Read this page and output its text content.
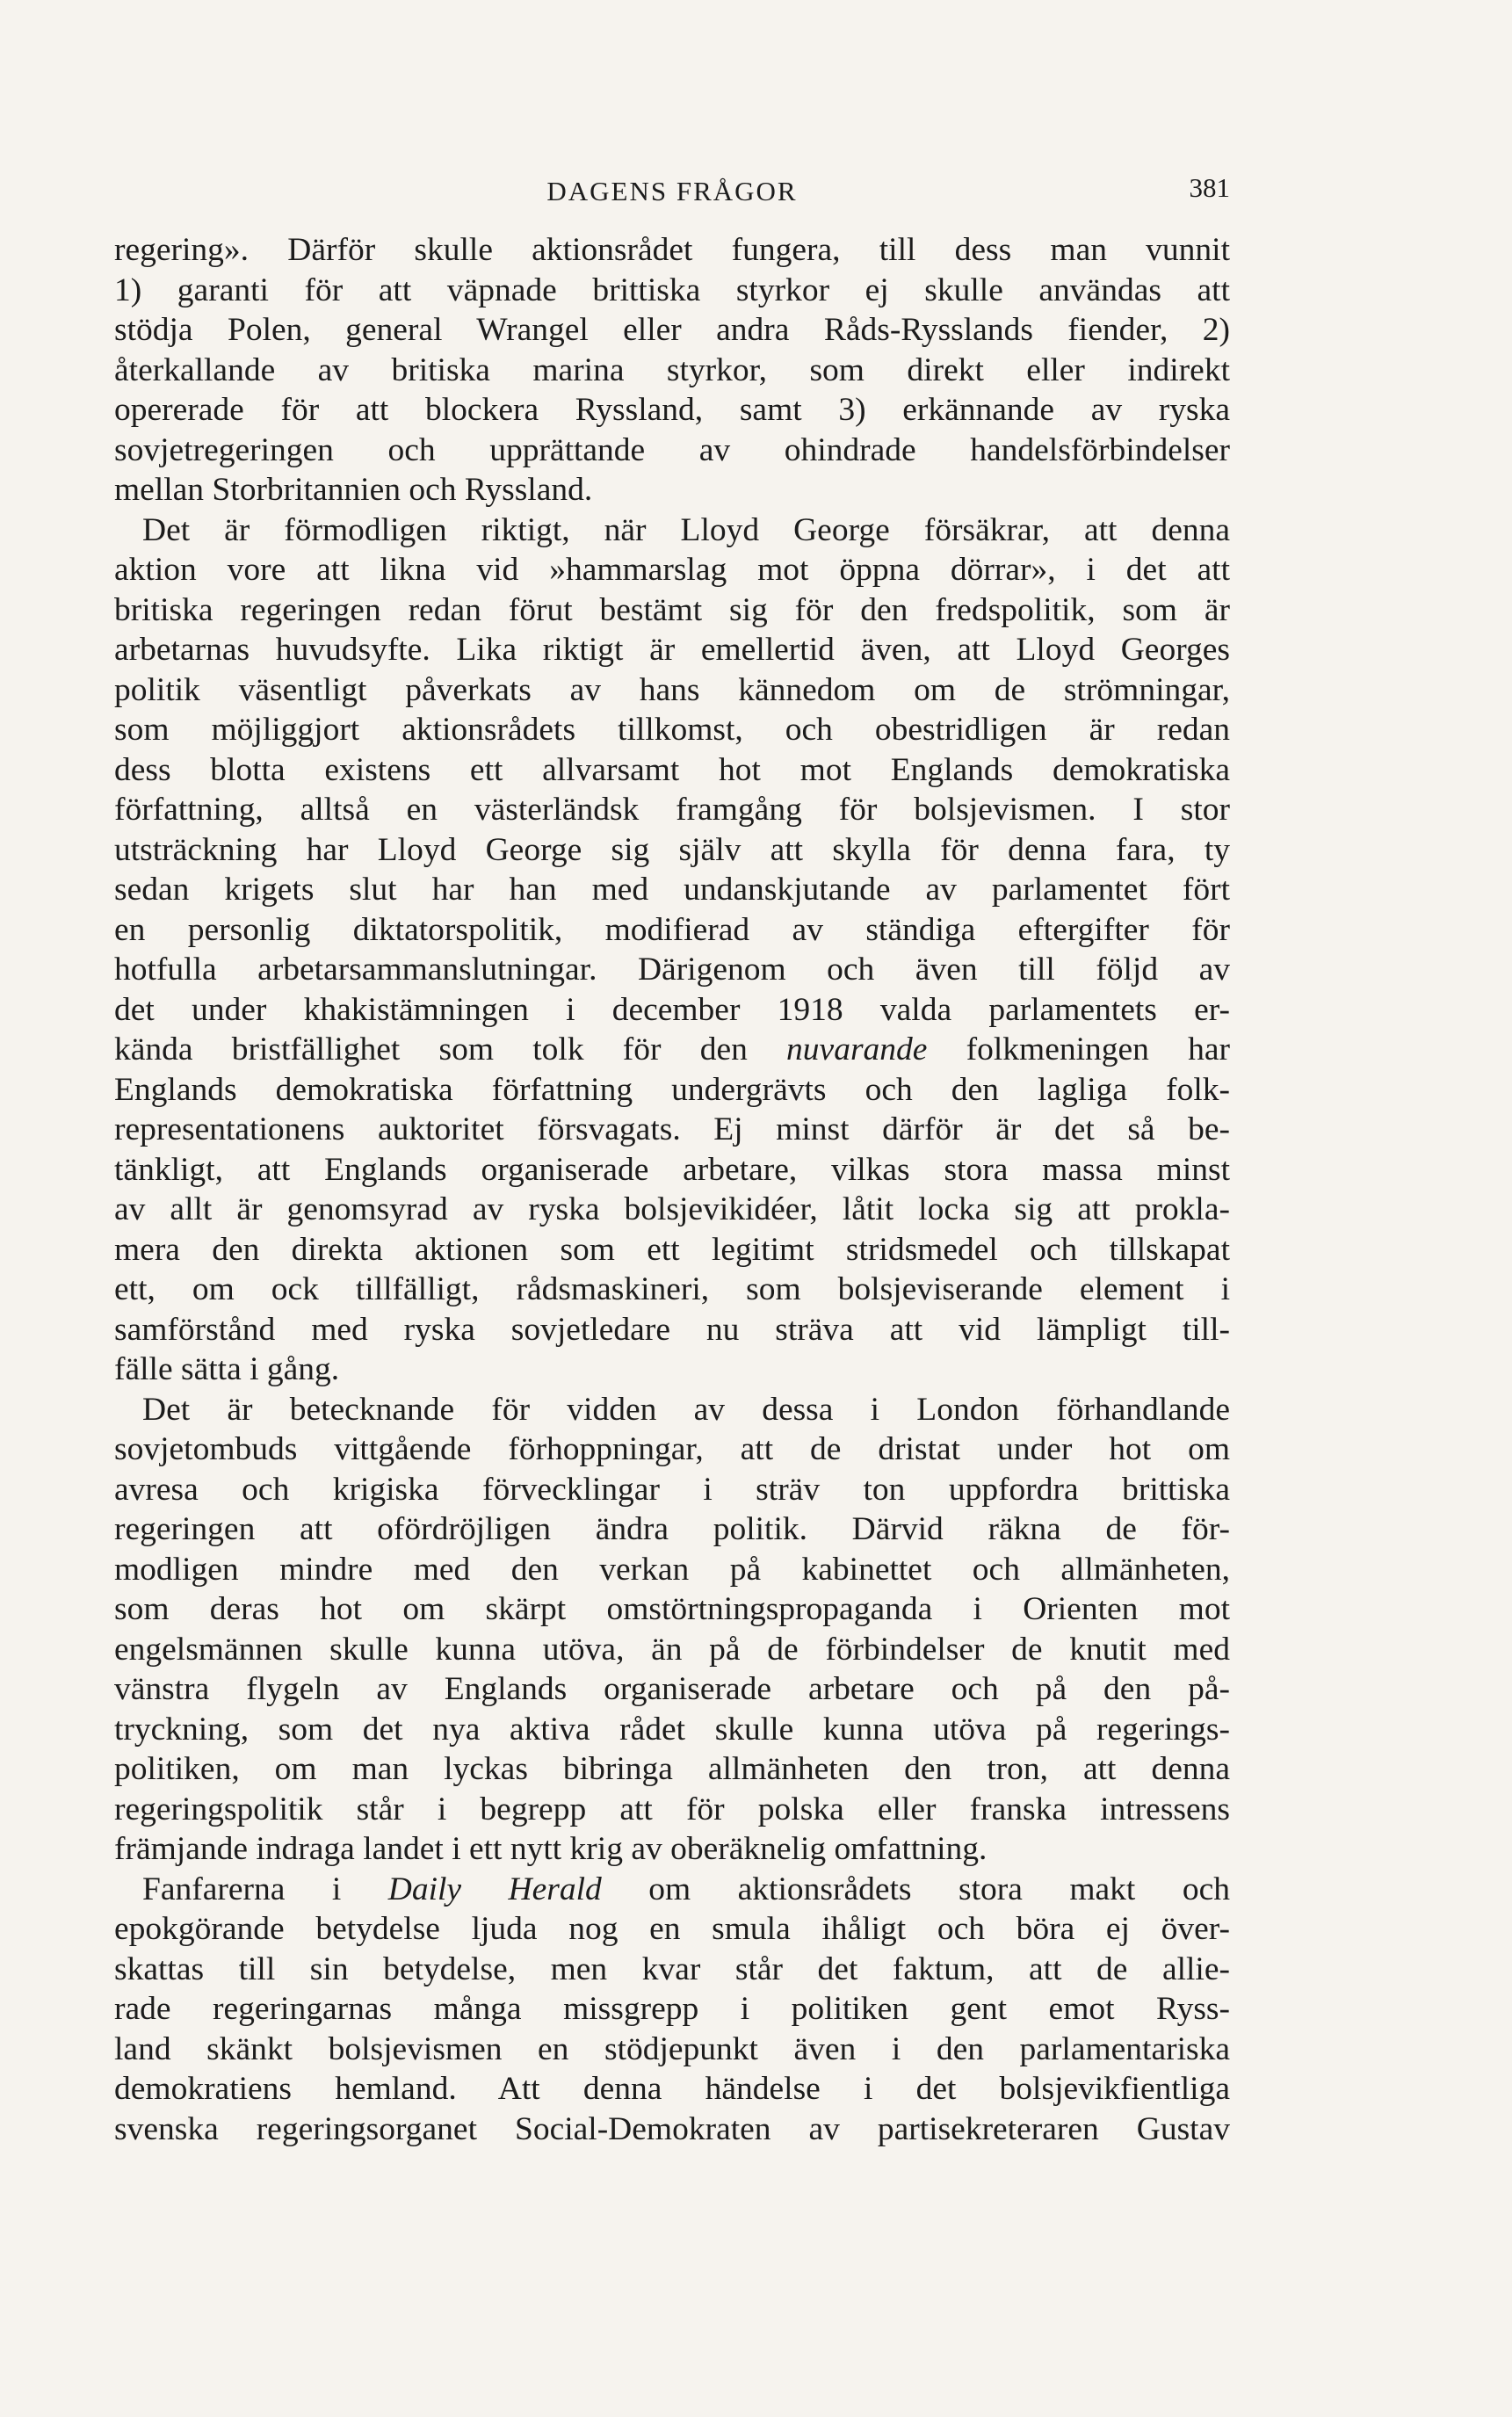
DAGENS FRÅGOR	381

regering». Därför skulle aktionsrådet fungera, till dess man vunnit
1) garanti för att väpnade brittiska styrkor ej skulle användas att
stödja Polen, general Wrangel eller andra Råds-Rysslands fiender, 2)
återkallande av britiska marina styrkor, som direkt eller indirekt
opererade för att blockera Ryssland, samt 3) erkännande av ryska
sovjetregeringen och upprättande av ohindrade handelsförbindelser
mellan Storbritannien och Ryssland.

Det är förmodligen riktigt, när Lloyd George försäkrar, att denna
aktion vore att likna vid »hammarslag mot öppna dörrar», i det att
britiska regeringen redan förut bestämt sig för den fredspolitik, som är
arbetarnas huvudsyfte. Lika riktigt är emellertid även, att Lloyd Georges
politik väsentligt påverkats av hans kännedom om de strömningar,
som möjliggjort aktionsrådets tillkomst, och obestridligen är redan
dess blotta existens ett allvarsamt hot mot Englands demokratiska
författning, alltså en västerländsk framgång för bolsjevismen. I stor
utsträckning har Lloyd George sig själv att skylla för denna fara, ty
sedan krigets slut har han med undanskjutande av parlamentet fört
en personlig diktatorspolitik, modifierad av ständiga eftergifter för
hotfulla arbetarsammanslutningar. Därigenom och även till följd av
det under khakistämningen i december 1918 valda parlamentets er-
kända bristfällighet som tolk för den nuvarande folkmeningen har
Englands demokratiska författning undergrävts och den lagliga folk-
representationens auktoritet försvagats. Ej minst därför är det så be-
tänkligt, att Englands organiserade arbetare, vilkas stora massa minst
av allt är genomsyrad av ryska bolsjevikidéer, låtit locka sig att prokla-
mera den direkta aktionen som ett legitimt stridsmedel och tillskapat
ett, om ock tillfälligt, rådsmaskineri, som bolsjeviserande element i
samförstånd med ryska sovjetledare nu sträva att vid lämpligt till-
fälle sätta i gång.

Det är betecknande för vidden av dessa i London förhandlande
sovjetombuds vittgående förhoppningar, att de dristat under hot om
avresa och krigiska förvecklingar i sträv ton uppfordra brittiska
regeringen att ofördröjligen ändra politik. Därvid räkna de för-
modligen mindre med den verkan på kabinettet och allmänheten,
som deras hot om skärpt omstörtningspropaganda i Orienten mot
engelsmännen skulle kunna utöva, än på de förbindelser de knutit med
vänstra flygeln av Englands organiserade arbetare och på den på-
tryckning, som det nya aktiva rådet skulle kunna utöva på regerings-
politiken, om man lyckas bibringa allmänheten den tron, att denna
regeringspolitik står i begrepp att för polska eller franska intressens
främjande indraga landet i ett nytt krig av oberäknelig omfattning.

Fanfarerna i Daily Herald om aktionsrådets stora makt och
epokgörande betydelse ljuda nog en smula ihåligt och böra ej över-
skattas till sin betydelse, men kvar står det faktum, att de allie-
rade regeringarnas många missgrepp i politiken gent emot Ryss-
land skänkt bolsjevismen en stödjepunkt även i den parlamentariska
demokratiens hemland. Att denna händelse i det bolsjevikfientliga
svenska regeringsorganet Social-Demokraten av partisekreteraren Gustav
